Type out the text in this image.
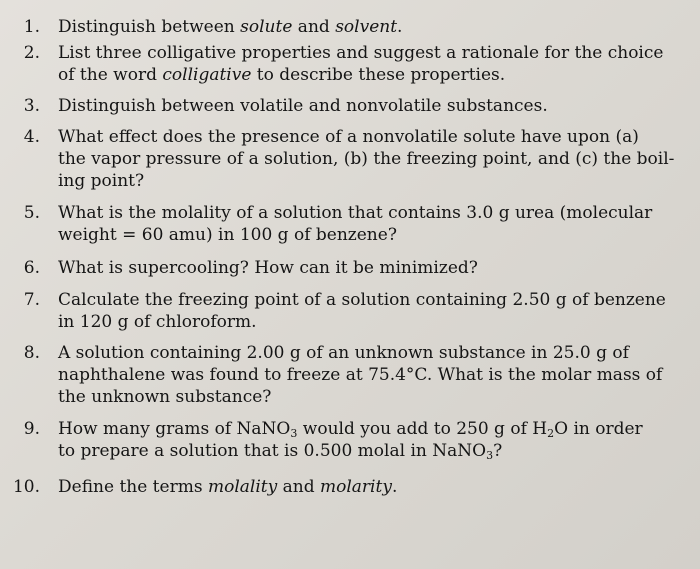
1. Distinguish between solute and solvent.
2. List three colligative properties and suggest a rationale for the choice
of the word colligative to describe these properties.
3. Distinguish between volatile and nonvolatile substances.
4. What effect does the presence of a nonvolatile solute have upon (a)
the vapor pressure of a solution, (b) the freezing point, and (c) the boil-
ing point?
5. What is the molality of a solution that contains 3.0 g urea (molecular
weight = 60 amu) in 100 g of benzene?
6. What is supercooling? How can it be minimized?
7. Calculate the freezing point of a solution containing 2.50 g of benzene
in 120 g of chloroform.
8. A solution containing 2.00 g of an unknown substance in 25.0 g of
naphthalene was found to freeze at 75.4°C. What is the molar mass of
the unknown substance?
9. How many grams of NaNO$_3$ would you add to 250 g of $H_2O$ in order
to prepare a solution that is 0.500 molal in NaNO$_3$?
10. Define the terms molality and molarity.
